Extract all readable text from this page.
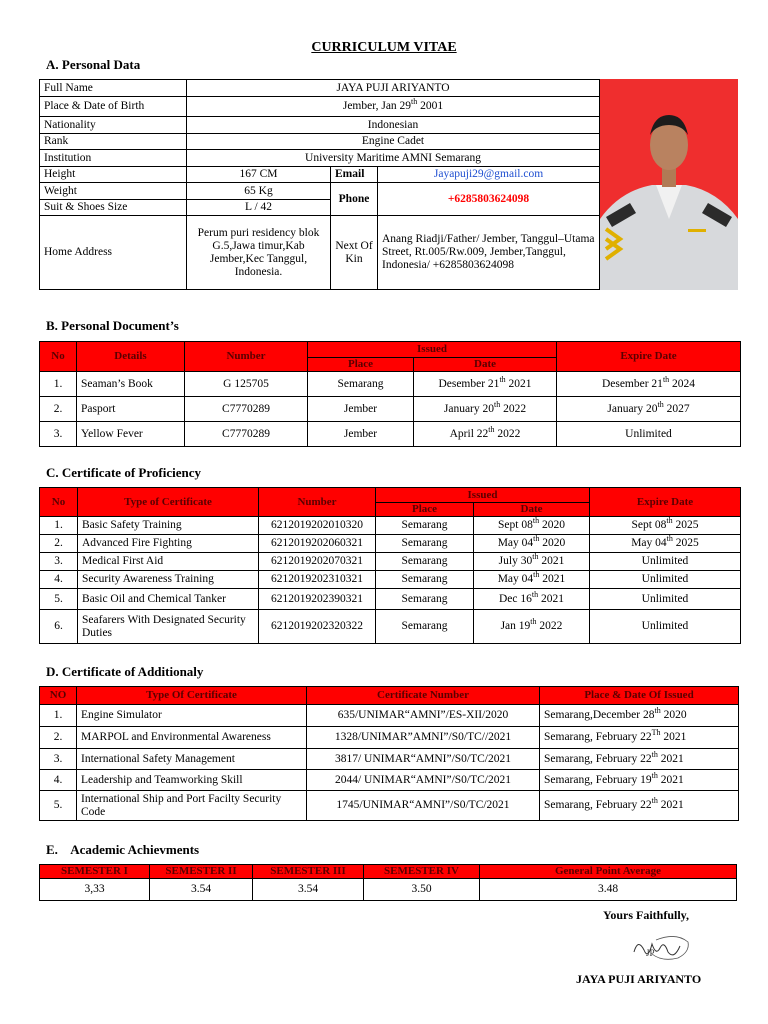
CURRICULUM VITAE
A. Personal Data
Full Name	JAYA PUJI ARIYANTO		
Place & Date of Birth	Jember, Jan 29th 2001		
Nationality	Indonesian		
Rank	Engine Cadet		
Institution	University Maritime AMNI Semarang		
Height	167 CM	Email	Jayapuji29@gmail.com
Weight	65 Kg	Phone	+6285803624098
Suit & Shoes Size	L / 42		
Home Address	Perum puri residency blok G.5,Jawa timur,Kab Jember,Kec Tanggul, Indonesia.	Next Of Kin	Anang Riadji/Father/ Jember, Tanggul–Utama Street, Rt.005/Rw.009, Jember,Tanggul, Indonesia/ +6285803624098
B. Personal Document’s
No	Details	Number	Issued		Expire Date
			Place	Date	
1.	Seaman’s Book	G 125705	Semarang	Desember 21th 2021	Desember 21th 2024
2.	Pasport	C7770289	Jember	January 20th 2022	January 20th 2027
3.	Yellow Fever	C7770289	Jember	April 22th 2022	Unlimited
C. Certificate of Proficiency
No	Type of Certificate	Number	Issued		Expire Date
			Place	Date	
1.	Basic Safety Training	6212019202010320	Semarang	Sept 08th 2020	Sept 08th 2025
2.	Advanced Fire Fighting	6212019202060321	Semarang	May 04th 2020	May 04th 2025
3.	Medical First Aid	6212019202070321	Semarang	July 30th 2021	Unlimited
4.	Security Awareness Training	6212019202310321	Semarang	May 04th 2021	Unlimited
5.	Basic Oil and Chemical Tanker	6212019202390321	Semarang	Dec 16th 2021	Unlimited
6.	Seafarers With Designated Security Duties	6212019202320322	Semarang	Jan 19th 2022	Unlimited
D. Certificate of Additionaly
NO	Type Of Certificate	Certificate Number	Place & Date Of Issued
1.	Engine Simulator	635/UNIMAR“AMNI”/ES-XII/2020	Semarang,December 28th 2020
2.	MARPOL and Environmental Awareness	1328/UNIMAR”AMNI”/S0/TC//2021	Semarang, February 22Th 2021
3.	International Safety Management	3817/ UNIMAR“AMNI”/S0/TC/2021	Semarang, February 22th 2021
4.	Leadership and Teamworking Skill	2044/ UNIMAR“AMNI”/S0/TC/2021	Semarang, February 19th 2021
5.	International Ship and Port Facilty Security Code	1745/UNIMAR“AMNI”/S0/TC/2021	Semarang, February 22th 2021
E.    Academic Achievments
SEMESTER I	SEMESTER II	SEMESTER III	SEMESTER IV	General Point Average
3,33	3.54	3.54	3.50	3.48
Yours Faithfully,
JP
JAYA PUJI ARIYANTO
